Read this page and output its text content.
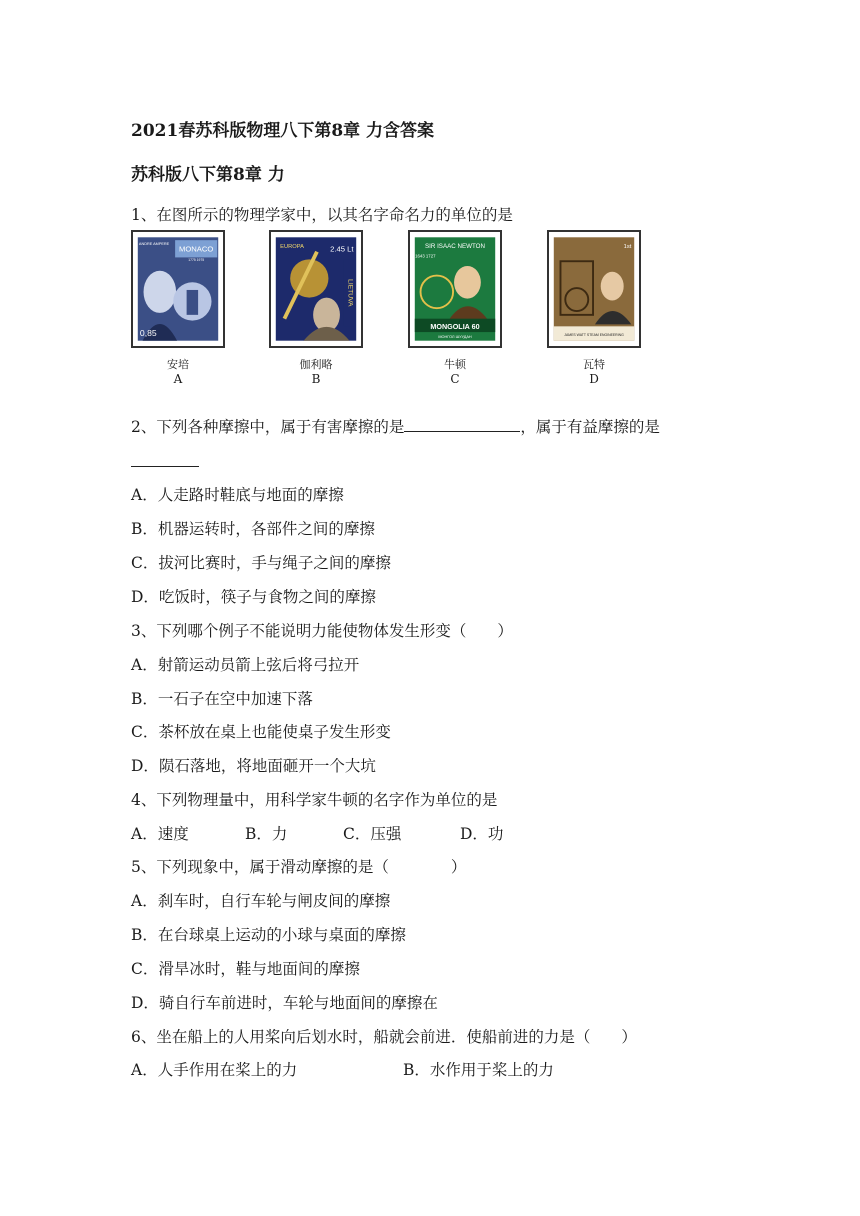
2021春苏科版物理八下第8章 力含答案
苏科版八下第8章 力
1、在图所示的物理学家中，以其名字命名力的单位的是
MONACO
ANDRE AMPERE
1775 1975
0,85
安培
A
LIETUVA
EUROPA	2.45 Lt
伽利略
B
SIR ISAAC NEWTON
1643 1727
MONGOLIA 60
МОНГОЛ ШУУДАН
牛顿
C
JAMES WATT STEAM ENGINEERING
1st
瓦特
D
2、下列各种摩擦中，属于有害摩擦的是	，属于有益摩擦的是
A．人走路时鞋底与地面的摩擦
B．机器运转时，各部件之间的摩擦
C．拔河比赛时，手与绳子之间的摩擦
D．吃饭时，筷子与食物之间的摩擦
3、下列哪个例子不能说明力能使物体发生形变（　　）
A．射箭运动员箭上弦后将弓拉开
B．一石子在空中加速下落
C．茶杯放在桌上也能使桌子发生形变
D．陨石落地，将地面砸开一个大坑
4、下列物理量中，用科学家牛顿的名字作为单位的是
A．速度	B．力	C．压强	D．功
5、下列现象中，属于滑动摩擦的是（　　　　）
A．刹车时，自行车轮与闸皮间的摩擦
B．在台球桌上运动的小球与桌面的摩擦
C．滑旱冰时，鞋与地面间的摩擦
D．骑自行车前进时，车轮与地面间的摩擦在
6、坐在船上的人用桨向后划水时，船就会前进．使船前进的力是（　　）
A．人手作用在桨上的力	B．水作用于桨上的力
